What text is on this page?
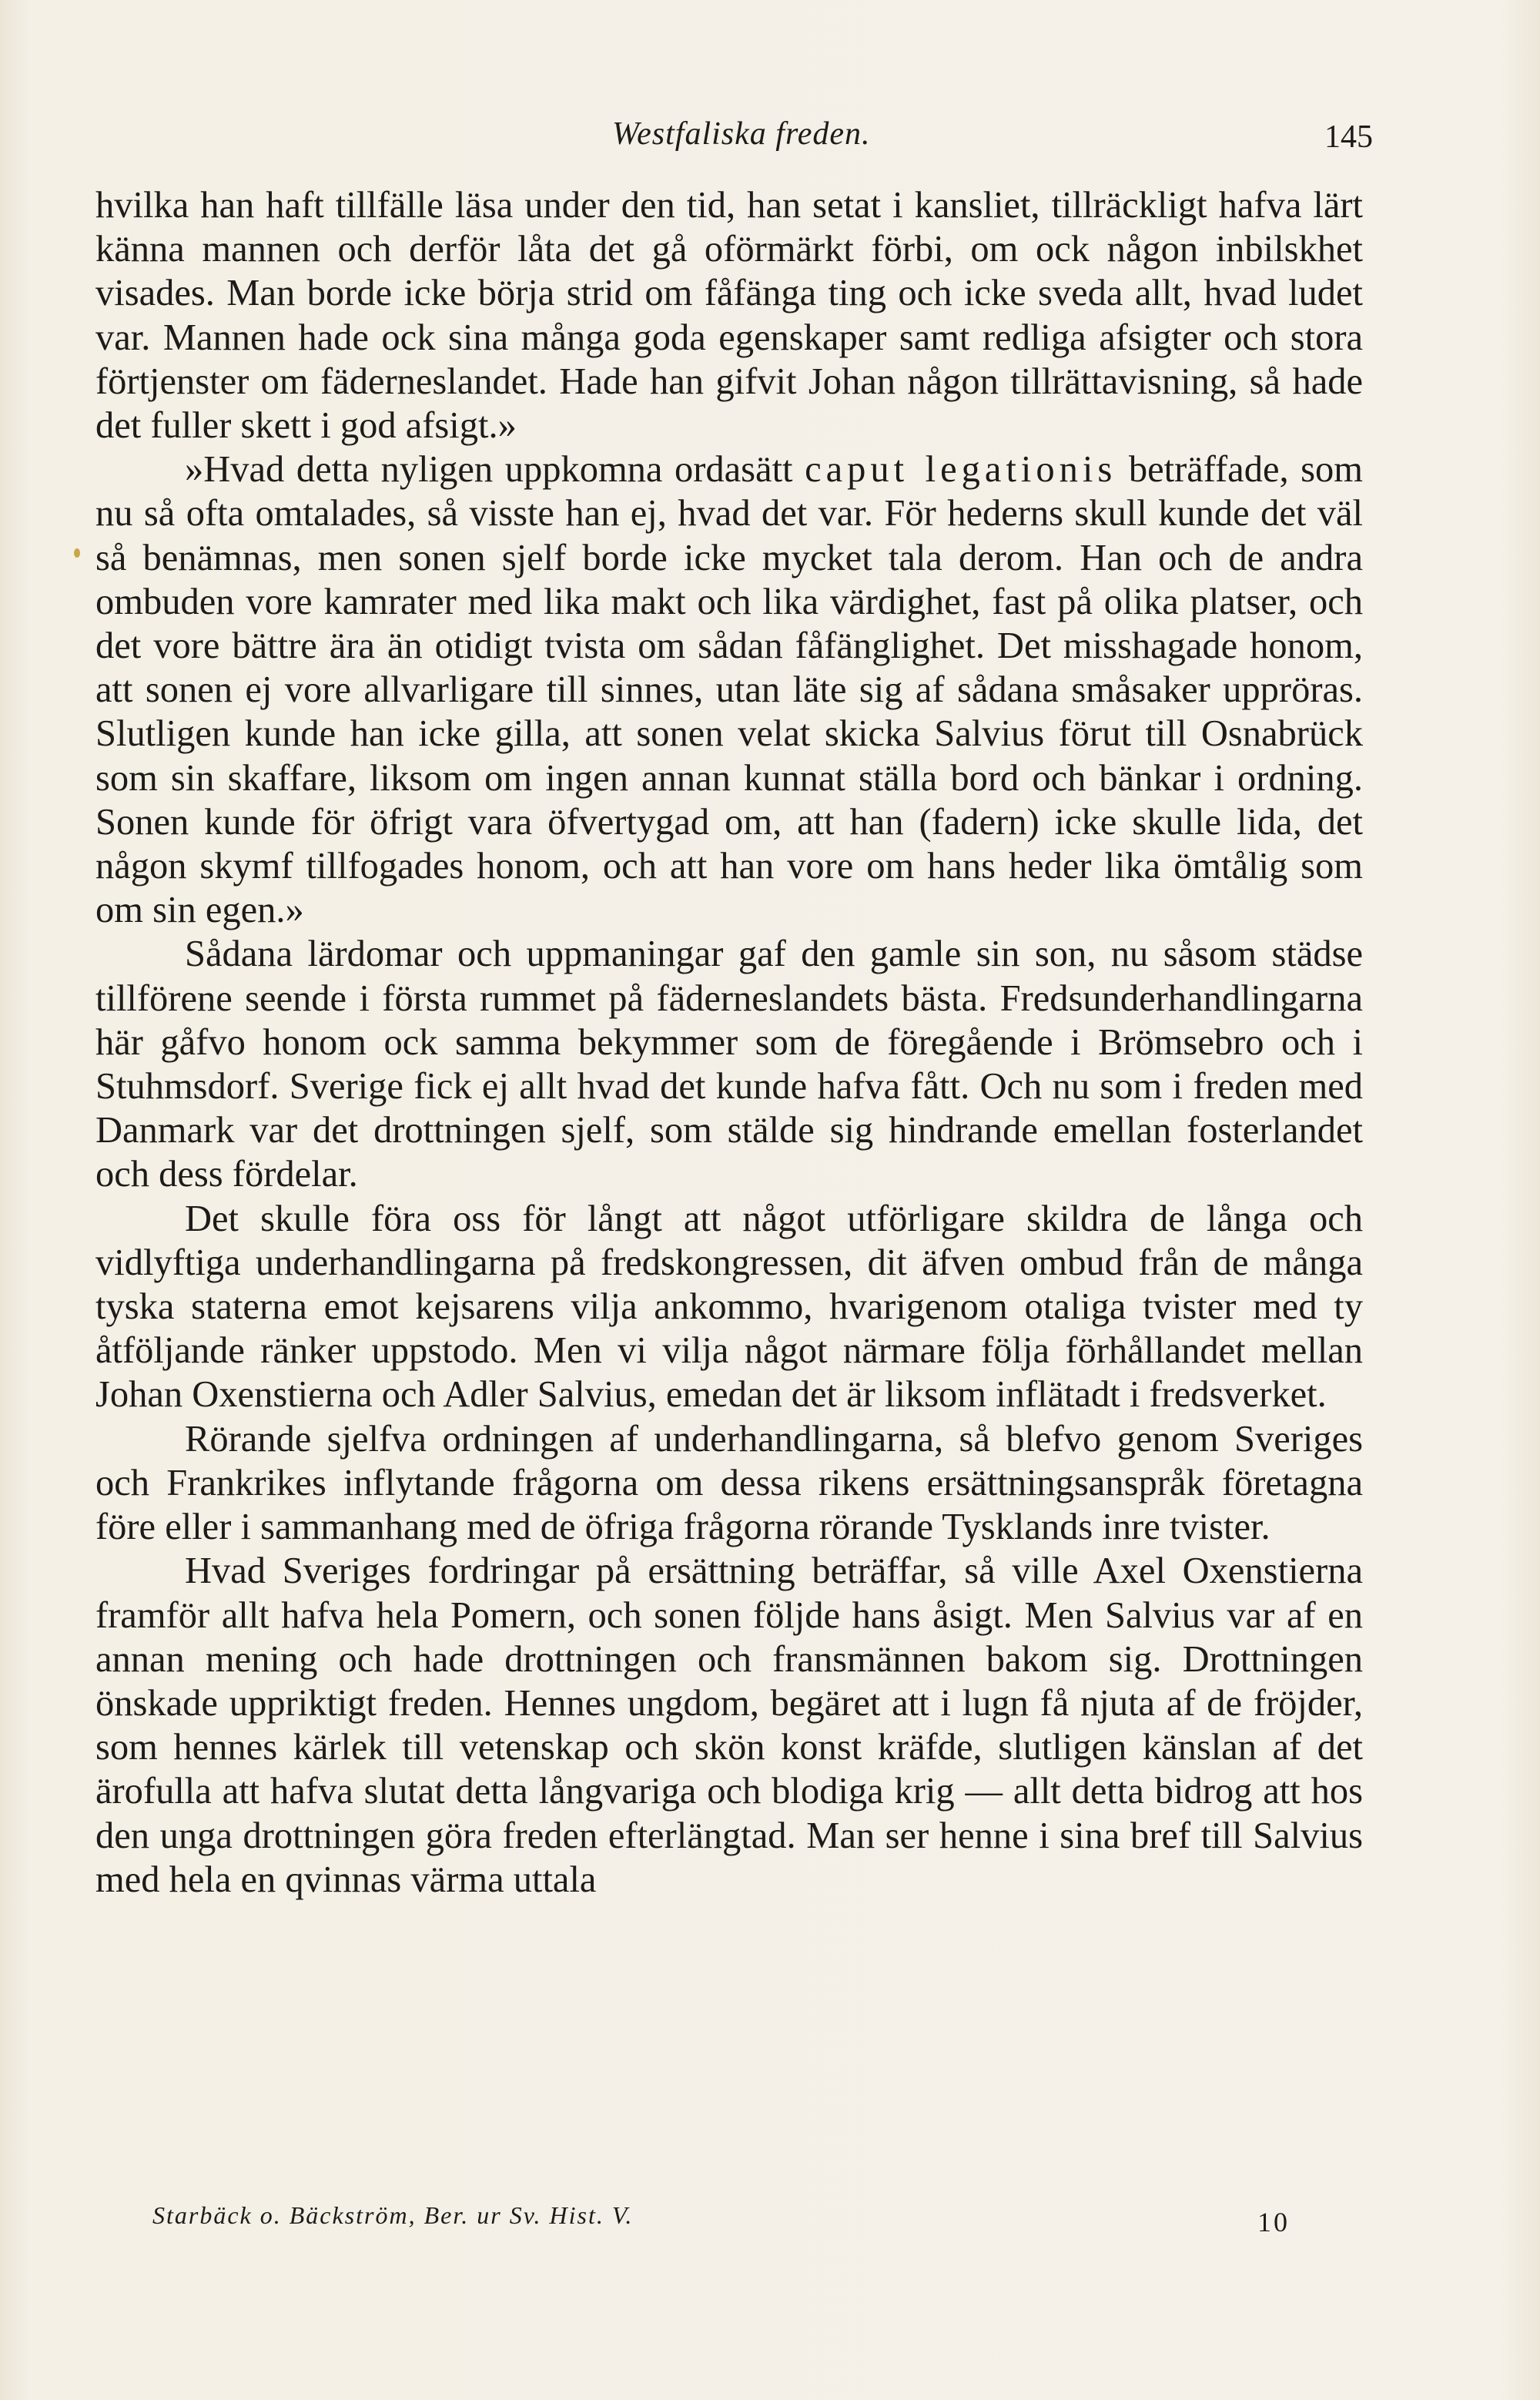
Westfaliska freden.	145

hvilka han haft tillfälle läsa under den tid, han setat i kansliet, tillräckligt hafva lärt känna mannen och derför låta det gå oförmärkt förbi, om ock någon inbilskhet visades. Man borde icke börja strid om fåfänga ting och icke sveda allt, hvad ludet var. Mannen hade ock sina många goda egenskaper samt redliga afsigter och stora förtjenster om fäderneslandet. Hade han gifvit Johan någon tillrättavisning, så hade det fuller skett i god afsigt.»

»Hvad detta nyligen uppkomna ordasätt caput legationis beträffade, som nu så ofta omtalades, så visste han ej, hvad det var. För hederns skull kunde det väl så benämnas, men sonen sjelf borde icke mycket tala derom. Han och de andra ombuden vore kamrater med lika makt och lika värdighet, fast på olika platser, och det vore bättre ära än otidigt tvista om sådan fåfänglighet. Det misshagade honom, att sonen ej vore allvarligare till sinnes, utan läte sig af sådana småsaker uppröras. Slutligen kunde han icke gilla, att sonen velat skicka Salvius förut till Osnabrück som sin skaffare, liksom om ingen annan kunnat ställa bord och bänkar i ordning. Sonen kunde för öfrigt vara öfvertygad om, att han (fadern) icke skulle lida, det någon skymf tillfogades honom, och att han vore om hans heder lika ömtålig som om sin egen.»

Sådana lärdomar och uppmaningar gaf den gamle sin son, nu såsom städse tillförene seende i första rummet på fäderneslandets bästa. Fredsunderhandlingarna här gåfvo honom ock samma bekymmer som de föregående i Brömsebro och i Stuhmsdorf. Sverige fick ej allt hvad det kunde hafva fått. Och nu som i freden med Danmark var det drottningen sjelf, som stälde sig hindrande emellan fosterlandet och dess fördelar.

Det skulle föra oss för långt att något utförligare skildra de långa och vidlyftiga underhandlingarna på fredskongressen, dit äfven ombud från de många tyska staterna emot kejsarens vilja ankommo, hvarigenom otaliga tvister med ty åtföljande ränker uppstodo. Men vi vilja något närmare följa förhållandet mellan Johan Oxenstierna och Adler Salvius, emedan det är liksom inflätadt i fredsverket.

Rörande sjelfva ordningen af underhandlingarna, så blefvo genom Sveriges och Frankrikes inflytande frågorna om dessa rikens ersättningsanspråk företagna före eller i sammanhang med de öfriga frågorna rörande Tysklands inre tvister.

Hvad Sveriges fordringar på ersättning beträffar, så ville Axel Oxenstierna framför allt hafva hela Pomern, och sonen följde hans åsigt. Men Salvius var af en annan mening och hade drottningen och fransmännen bakom sig. Drottningen önskade uppriktigt freden. Hennes ungdom, begäret att i lugn få njuta af de fröjder, som hennes kärlek till vetenskap och skön konst kräfde, slutligen känslan af det ärofulla att hafva slutat detta långvariga och blodiga krig — allt detta bidrog att hos den unga drottningen göra freden efterlängtad. Man ser henne i sina bref till Salvius med hela en qvinnas värma uttala

Starbäck o. Bäckström, Ber. ur Sv. Hist. V.	10
